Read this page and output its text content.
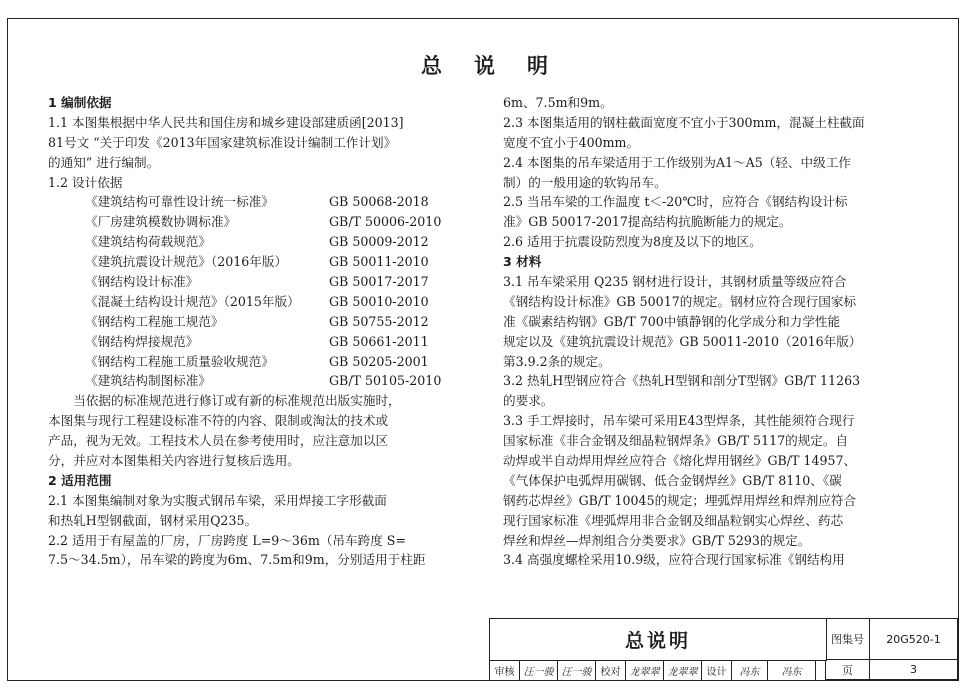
总说明
1 编制依据
1.1 本图集根据中华人民共和国住房和城乡建设部建质函[2013]
81号文 “关于印发《2013年国家建筑标准设计编制工作计划》
的通知” 进行编制。
1.2 设计依据
《建筑结构可靠性设计统一标准》	GB 50068-2018
《厂房建筑模数协调标准》	GB/T 50006-2010
《建筑结构荷载规范》	GB 50009-2012
《建筑抗震设计规范》（2016年版）	GB 50011-2010
《钢结构设计标准》	GB 50017-2017
《混凝土结构设计规范》（2015年版）	GB 50010-2010
《钢结构工程施工规范》	GB 50755-2012
《钢结构焊接规范》	GB 50661-2011
《钢结构工程施工质量验收规范》	GB 50205-2001
《建筑结构制图标准》	GB/T 50105-2010
当依据的标准规范进行修订或有新的标准规范出版实施时，
本图集与现行工程建设标准不符的内容、限制或淘汰的技术或
产品，视为无效。工程技术人员在参考使用时，应注意加以区
分，并应对本图集相关内容进行复核后选用。
2 适用范围
2.1 本图集编制对象为实腹式钢吊车梁，采用焊接工字形截面
和热轧H型钢截面，钢材采用Q235。
2.2 适用于有屋盖的厂房，厂房跨度 L=9～36m（吊车跨度 S=
7.5～34.5m），吊车梁的跨度为6m、7.5m和9m，分别适用于柱距
6m、7.5m和9m。
2.3 本图集适用的钢柱截面宽度不宜小于300mm，混凝土柱截面
宽度不宜小于400mm。
2.4 本图集的吊车梁适用于工作级别为A1～A5（轻、中级工作
制）的一般用途的软钩吊车。
2.5 当吊车梁的工作温度 t＜-20℃时，应符合《钢结构设计标
准》GB 50017-2017提高结构抗脆断能力的规定。
2.6 适用于抗震设防烈度为8度及以下的地区。
3 材料
3.1 吊车梁采用 Q235 钢材进行设计，其钢材质量等级应符合
《钢结构设计标准》GB 50017的规定。钢材应符合现行国家标
准《碳素结构钢》GB/T 700中镇静钢的化学成分和力学性能
规定以及《建筑抗震设计规范》GB 50011-2010（2016年版）
第3.9.2条的规定。
3.2 热轧H型钢应符合《热轧H型钢和剖分T型钢》GB/T 11263
的要求。
3.3 手工焊接时，吊车梁可采用E43型焊条，其性能须符合现行
国家标准《非合金钢及细晶粒钢焊条》GB/T 5117的规定。自
动焊或半自动焊用焊丝应符合《熔化焊用钢丝》GB/T 14957、
《气体保护电弧焊用碳钢、低合金钢焊丝》GB/T 8110、《碳
钢药芯焊丝》GB/T 10045的规定；埋弧焊用焊丝和焊剂应符合
现行国家标准《埋弧焊用非合金钢及细晶粒钢实心焊丝、药芯
焊丝和焊丝—焊剂组合分类要求》GB/T 5293的规定。
3.4 高强度螺栓采用10.9级，应符合现行国家标准《钢结构用
总说明	图集号	20G520-1
审核 汪一骏 汪一骏 校对 龙翠翠 龙翠翠 设计	冯东	冯东	页	3
